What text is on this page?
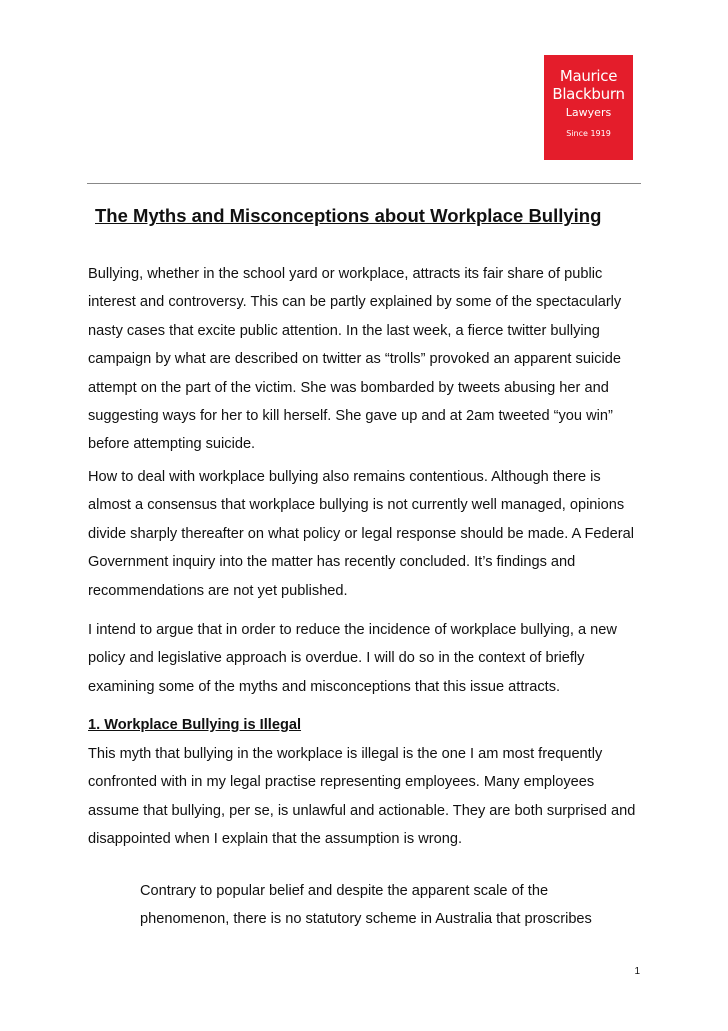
Maurice
Blackburn
Lawyers
Since 1919
The Myths and Misconceptions about Workplace Bullying

Bullying, whether in the school yard or workplace, attracts its fair share of public
interest and controversy. This can be partly explained by some of the spectacularly
nasty cases that excite public attention. In the last week, a fierce twitter bullying
campaign by what are described on twitter as “trolls” provoked an apparent suicide
attempt on the part of the victim. She was bombarded by tweets abusing her and
suggesting ways for her to kill herself. She gave up and at 2am tweeted “you win”
before attempting suicide.

How to deal with workplace bullying also remains contentious. Although there is
almost a consensus that workplace bullying is not currently well managed, opinions
divide sharply thereafter on what policy or legal response should be made. A Federal
Government inquiry into the matter has recently concluded. It’s findings and
recommendations are not yet published.

I intend to argue that in order to reduce the incidence of workplace bullying, a new
policy and legislative approach is overdue. I will do so in the context of briefly
examining some of the myths and misconceptions that this issue attracts.

1. Workplace Bullying is Illegal

This myth that bullying in the workplace is illegal is the one I am most frequently
confronted with in my legal practise representing employees. Many employees
assume that bullying, per se, is unlawful and actionable. They are both surprised and
disappointed when I explain that the assumption is wrong.

Contrary to popular belief and despite the apparent scale of the
phenomenon, there is no statutory scheme in Australia that proscribes

1
